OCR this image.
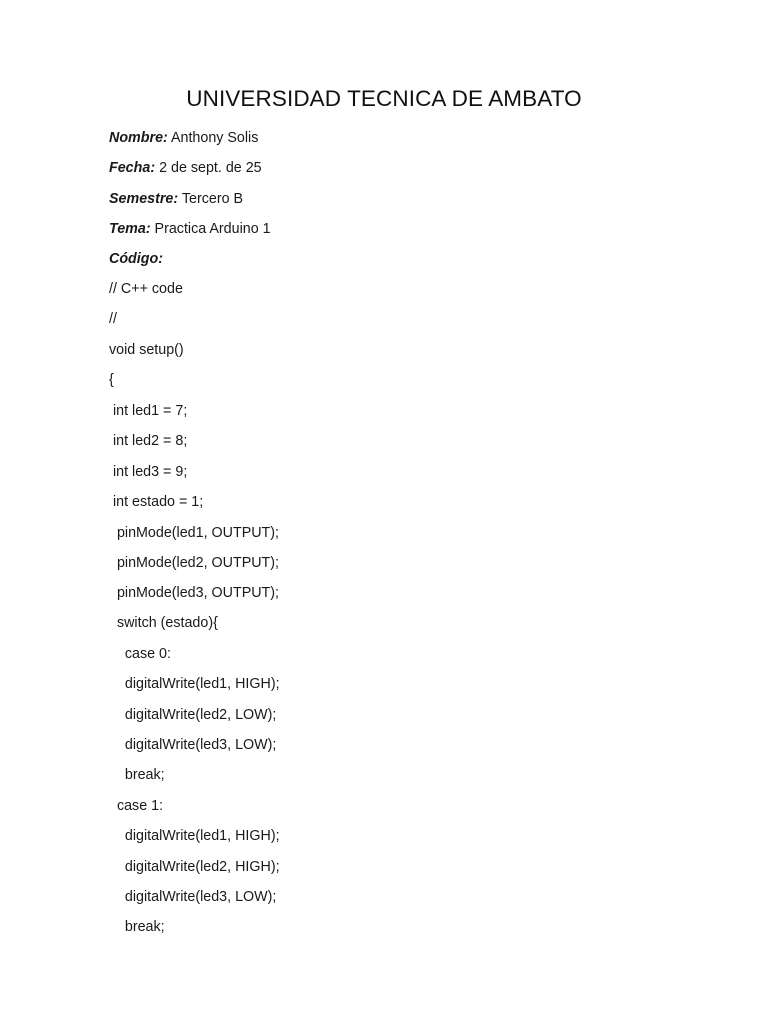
UNIVERSIDAD TECNICA DE AMBATO
Nombre: Anthony Solis
Fecha: 2 de sept. de 25
Semestre: Tercero B
Tema: Practica Arduino 1
Código:
// C++ code
//
void setup()
{
int led1 = 7;
int led2 = 8;
int led3 = 9;
int estado = 1;
pinMode(led1, OUTPUT);
pinMode(led2, OUTPUT);
pinMode(led3, OUTPUT);
switch (estado){
case 0:
digitalWrite(led1, HIGH);
digitalWrite(led2, LOW);
digitalWrite(led3, LOW);
break;
case 1:
digitalWrite(led1, HIGH);
digitalWrite(led2, HIGH);
digitalWrite(led3, LOW);
break;
